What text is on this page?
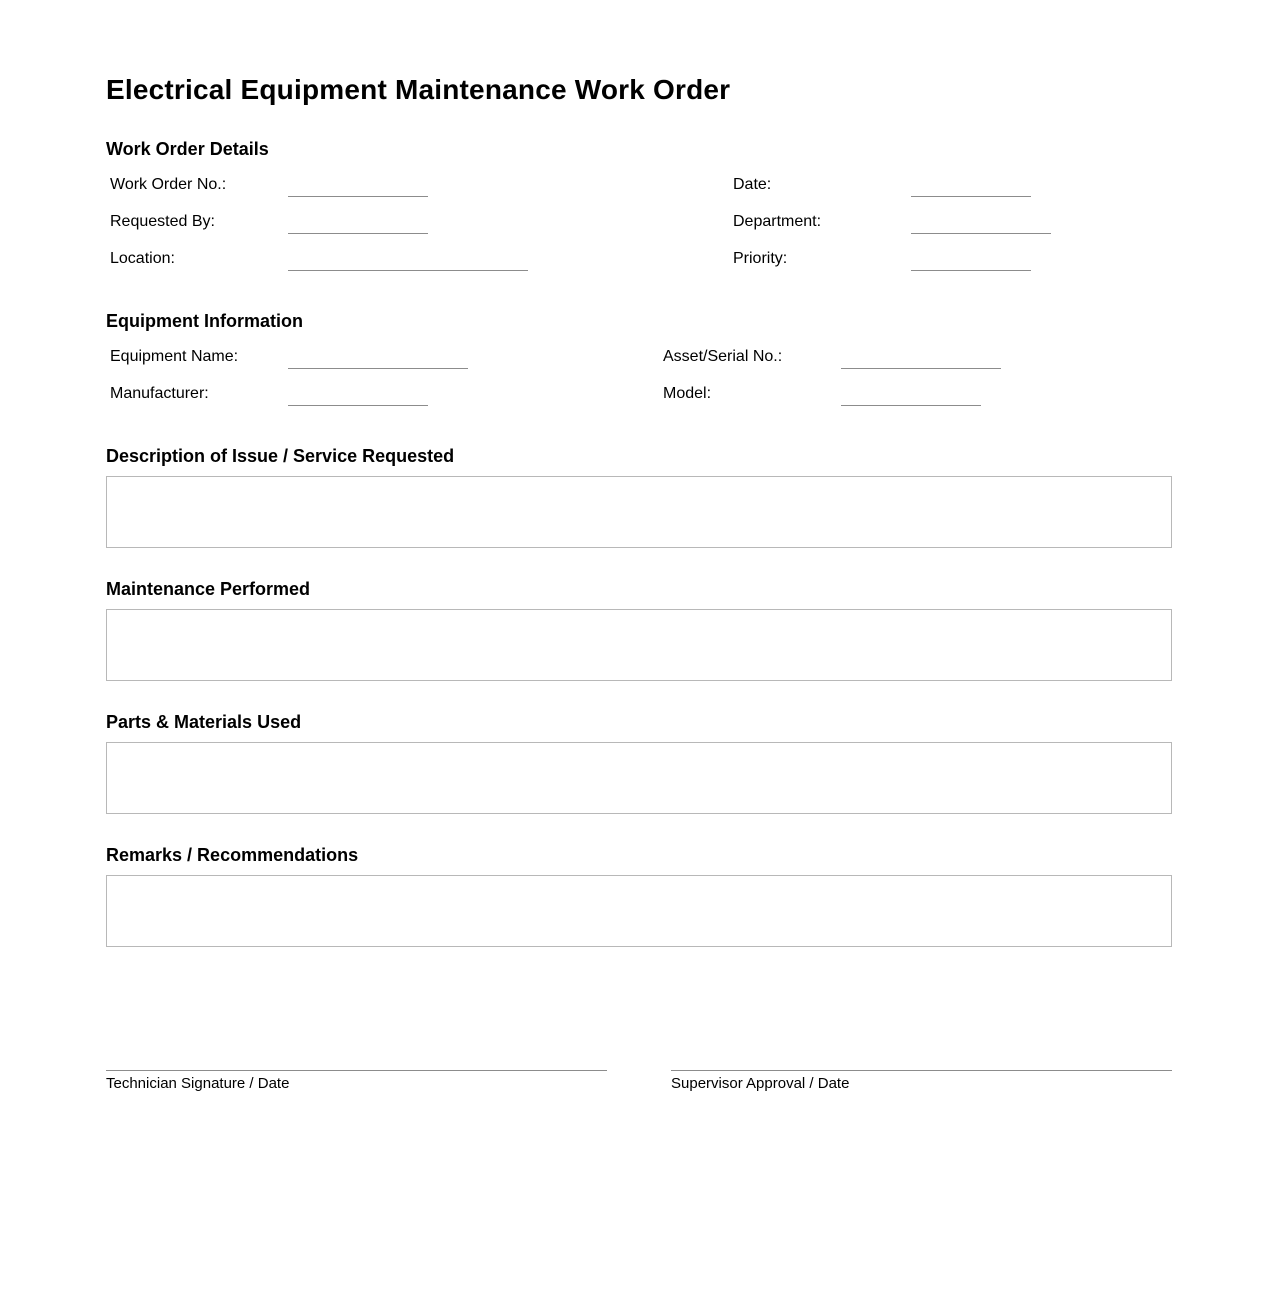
Electrical Equipment Maintenance Work Order
Work Order Details
Work Order No.:	Date:
Requested By:	Department:
Location:	Priority:
Equipment Information
Equipment Name:	Asset/Serial No.:
Manufacturer:	Model:
Description of Issue / Service Requested
Maintenance Performed
Parts & Materials Used
Remarks / Recommendations
Technician Signature / Date	Supervisor Approval / Date
